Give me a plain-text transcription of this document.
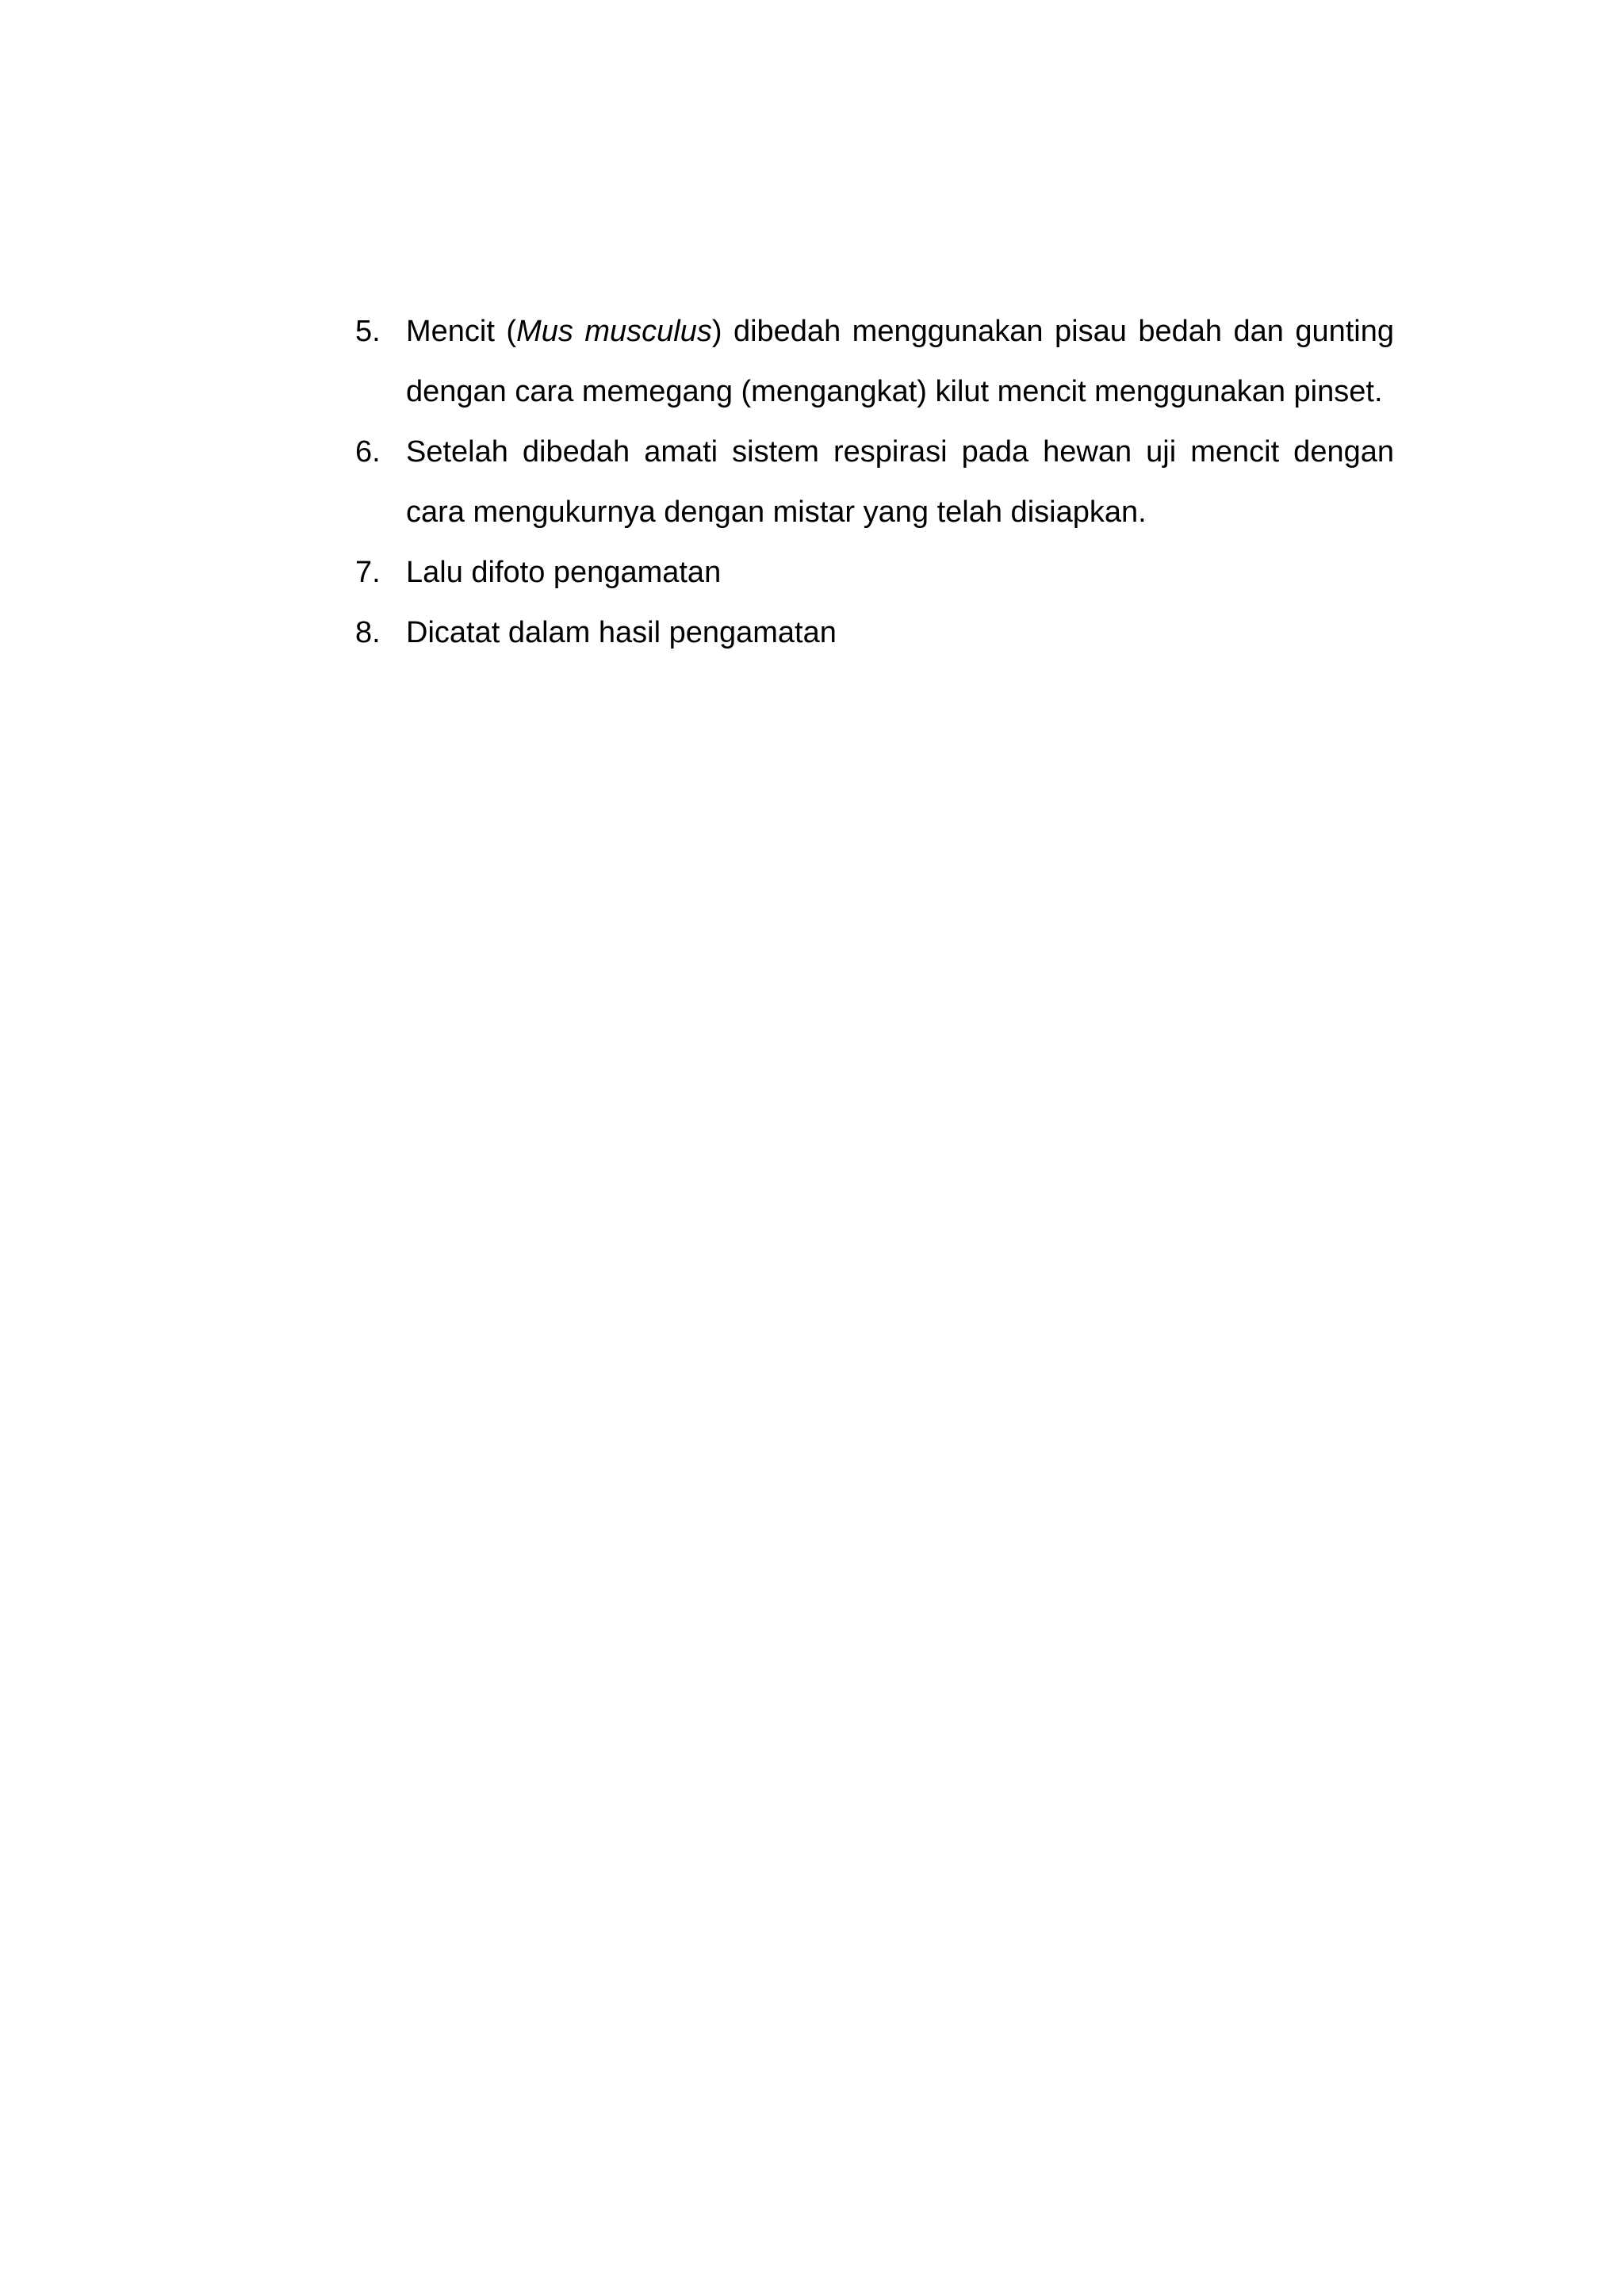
5. Mencit (Mus musculus) dibedah menggunakan pisau bedah dan gunting
dengan cara memegang (mengangkat) kilut mencit menggunakan pinset.
6. Setelah dibedah amati sistem respirasi pada hewan uji mencit dengan
cara mengukurnya dengan mistar yang telah disiapkan.
7. Lalu difoto pengamatan
8. Dicatat dalam hasil pengamatan
